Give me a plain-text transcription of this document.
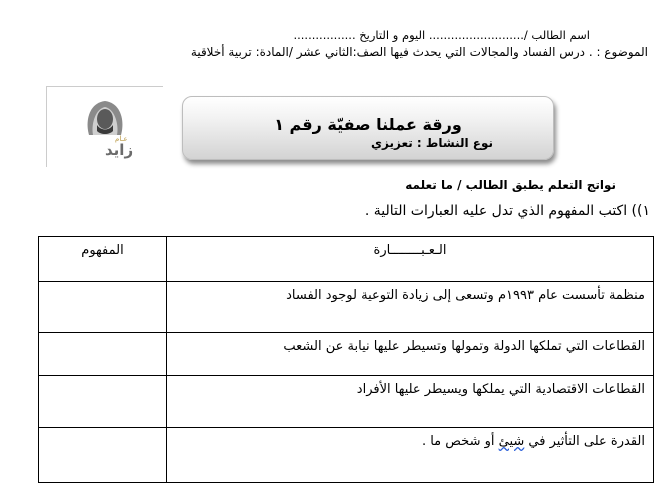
اسم الطالب /.......................... اليوم و التاريخ .................
الموضوع : . درس الفساد والمجالات التي يحدث فيها الصف:الثاني عشر /المادة: تربية أخلاقية
عـام
زايد
ورقة عملنا صفيّة رقم ١
نوع النشاط : تعزيزي
نواتج التعلم يطبق الطالب / ما تعلمه
١)) اكتب المفهوم الذي تدل عليه العبارات التالية .
الـعـبــــــــارة	المفهوم
منظمة تأسست عام ١٩٩٣م وتسعى إلى زيادة التوعية لوجود الفساد	
القطاعات التي تملكها الدولة وتمولها وتسيطر عليها نيابة عن الشعب	
القطاعات الاقتصادية التي يملكها ويسيطر عليها الأفراد	
القدرة على التأثير في شيئ أو شخص ما .	
